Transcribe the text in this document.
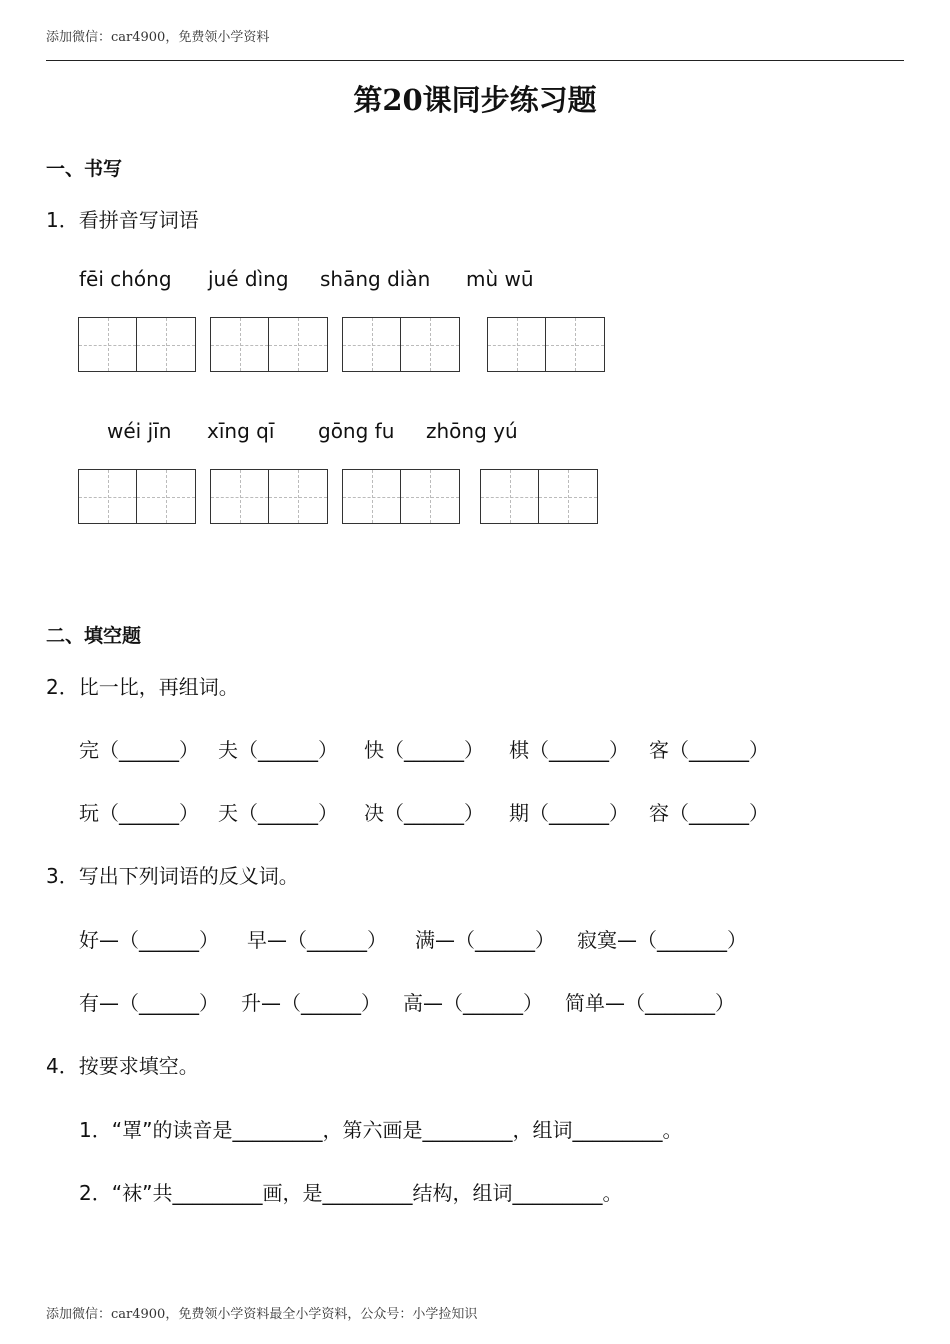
添加微信：car4900，免费领小学资料
第20课同步练习题
一、书写
1．看拼音写词语
fēi chóng jué dìng shāng diàn mù wū
wéi jīn xīng qī gōng fu zhōng yú
二、填空题
2．比一比，再组词。
完（______） 夫（______） 快（______） 棋（______） 客（______）
玩（______） 天（______） 决（______） 期（______） 容（______）
3．写出下列词语的反义词。
好—（______） 早—（______） 满—（______） 寂寞—（_______）
有—（______） 升—（______） 高—（______） 简单—（_______）
4．按要求填空。
1．“罩”的读音是_________，第六画是_________，组词_________。
2．“袜”共_________画，是_________结构，组词_________。
添加微信：car4900，免费领小学资料最全小学资料，公众号：小学捡知识
